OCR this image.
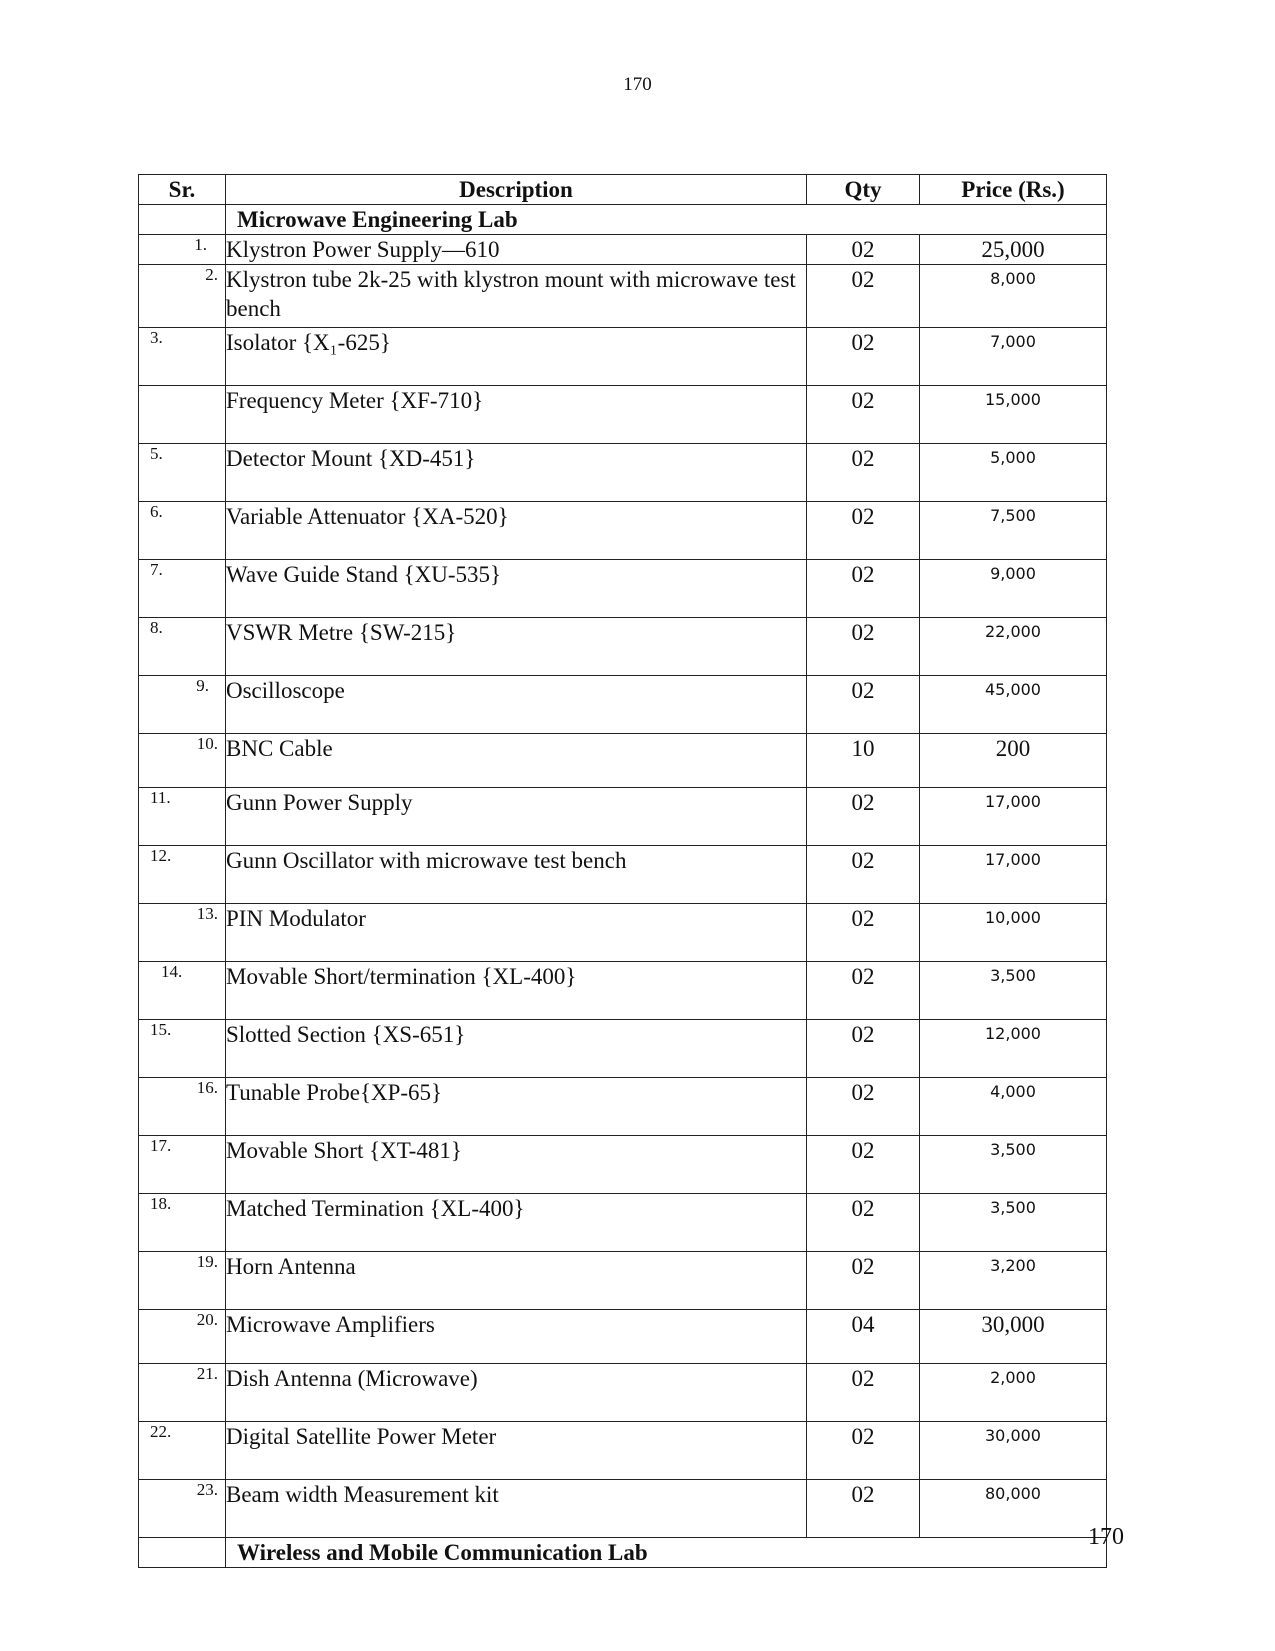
170
Sr.	Description	Qty	Price (Rs.)
	Microwave Engineering Lab		
1.	Klystron Power Supply—610	02	25,000
2.	Klystron tube 2k-25 with klystron mount with microwave test bench	02	8,000
3.	Isolator {X₁-625}	02	7,000
	Frequency Meter {XF-710}	02	15,000
5.	Detector Mount {XD-451}	02	5,000
6.	Variable Attenuator {XA-520}	02	7,500
7.	Wave Guide Stand {XU-535}	02	9,000
8.	VSWR Metre {SW-215}	02	22,000
9.	Oscilloscope	02	45,000
10.	BNC Cable	10	200
11.	Gunn Power Supply	02	17,000
12.	Gunn Oscillator with microwave test bench	02	17,000
13.	PIN Modulator	02	10,000
14.	Movable Short/termination {XL-400}	02	3,500
15.	Slotted Section {XS-651}	02	12,000
16.	Tunable Probe{XP-65}	02	4,000
17.	Movable Short {XT-481}	02	3,500
18.	Matched Termination {XL-400}	02	3,500
19.	Horn Antenna	02	3,200
20.	Microwave Amplifiers	04	30,000
21.	Dish Antenna (Microwave)	02	2,000
22.	Digital Satellite Power Meter	02	30,000
23.	Beam width Measurement kit	02	80,000
	Wireless and Mobile Communication Lab		
170
